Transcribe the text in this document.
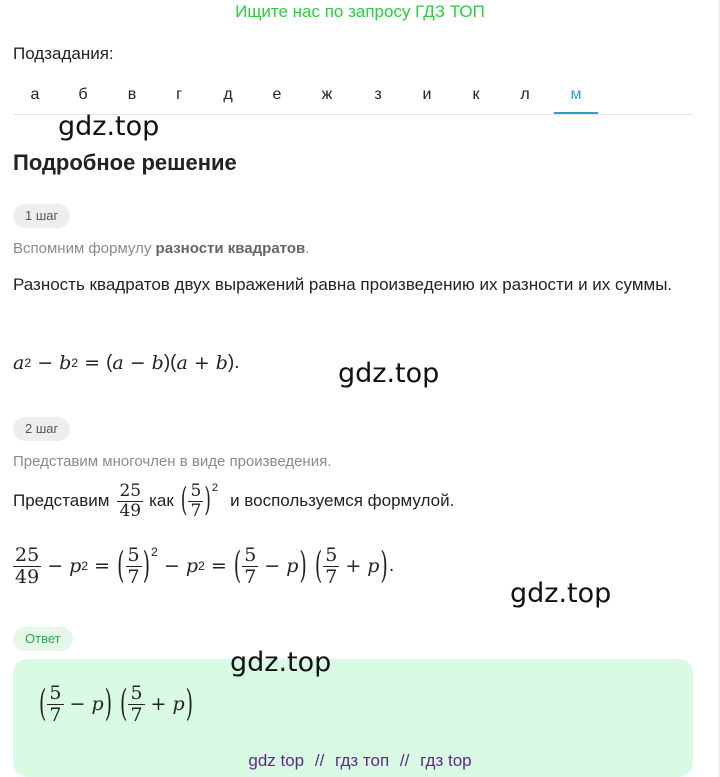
Ищите нас по запросу ГДЗ ТОП
Подзадания:
а	б	в	г	д	е	ж	з	и	к	л	м
gdz.top
Подробное решение
1 шаг
Вспомним формулу разности квадратов.
Разность квадратов двух выражений равна произведению их разности и их суммы.
a 2 − b 2 = ( a − b )( a + b ).	gdz.top
2 шаг
Представим многочлен в виде произведения.
Представим $\frac{25}{49}$ как ( $\frac{5}{7} )^2$
и воспользуемся формулой.
$\frac{25}{49} - p$ 2 = ( $\frac{5}{7} )^2$
− p 2 = ( $\frac{5}{7} - p$ ) ( $\frac{5}{7} + p$ ) .
gdz.top
Ответ
gdz.top
( $\frac{5}{7} - p$ ) ( $\frac{5}{7} + p$ )
gdz top // гдз топ // гдз top
